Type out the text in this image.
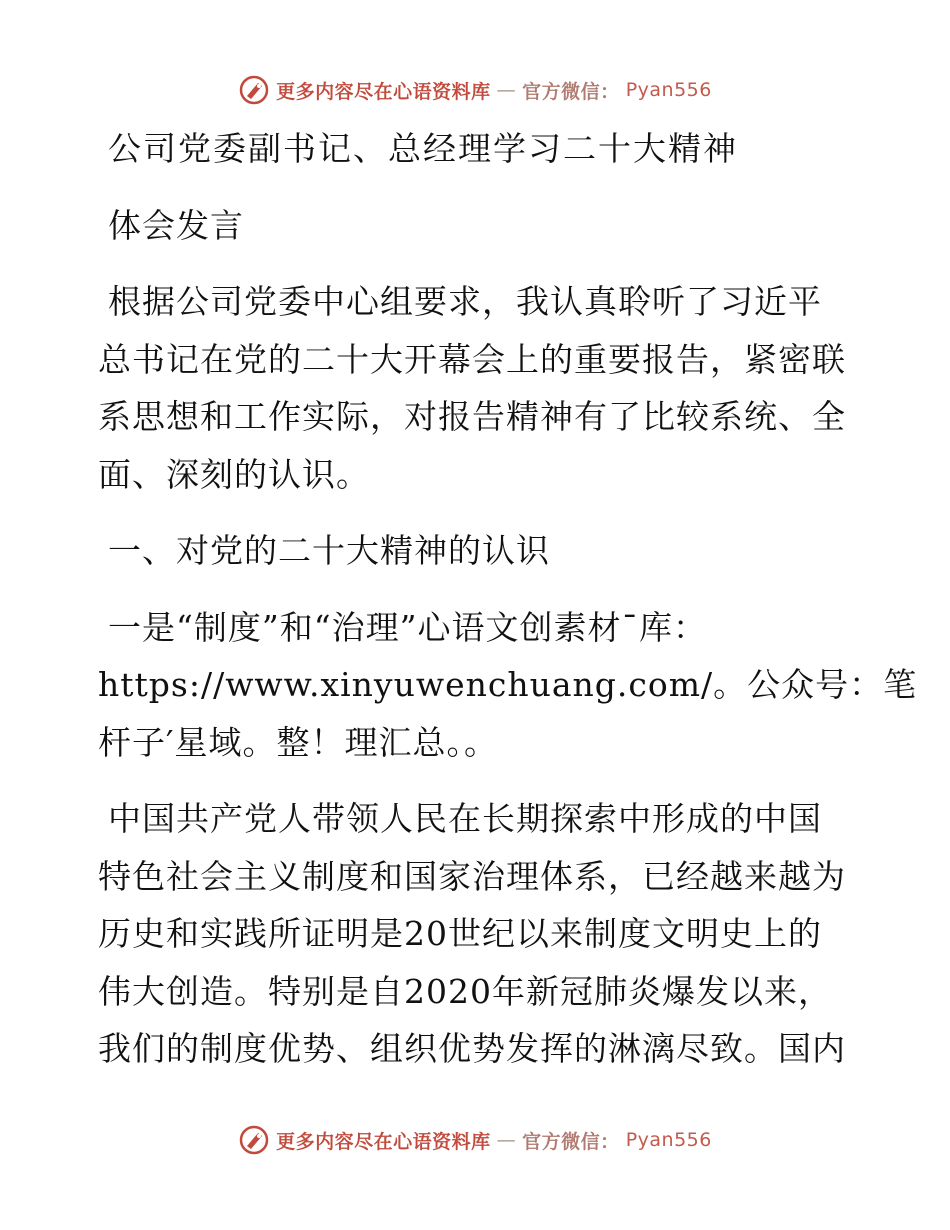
更多内容尽在心语资料库 — 官方微信： Pyan556
公司党委副书记、总经理学习二十大精神
体会发言
根据公司党委中心组要求，我认真聆听了习近平
总书记在党的二十大开幕会上的重要报告，紧密联
系思想和工作实际，对报告精神有了比较系统、全
面、深刻的认识。
一、对党的二十大精神的认识
一是“制度”和“治理”心语文创素材¯库：
https://www.xinyuwenchuang.com/。公众号：笔
杆子′星域。整！理汇总。。
中国共产党人带领人民在长期探索中形成的中国
特色社会主义制度和国家治理体系，已经越来越为
历史和实践所证明是20世纪以来制度文明史上的
伟大创造。特别是自2020年新冠肺炎爆发以来，
我们的制度优势、组织优势发挥的淋漓尽致。国内
更多内容尽在心语资料库 — 官方微信： Pyan556
